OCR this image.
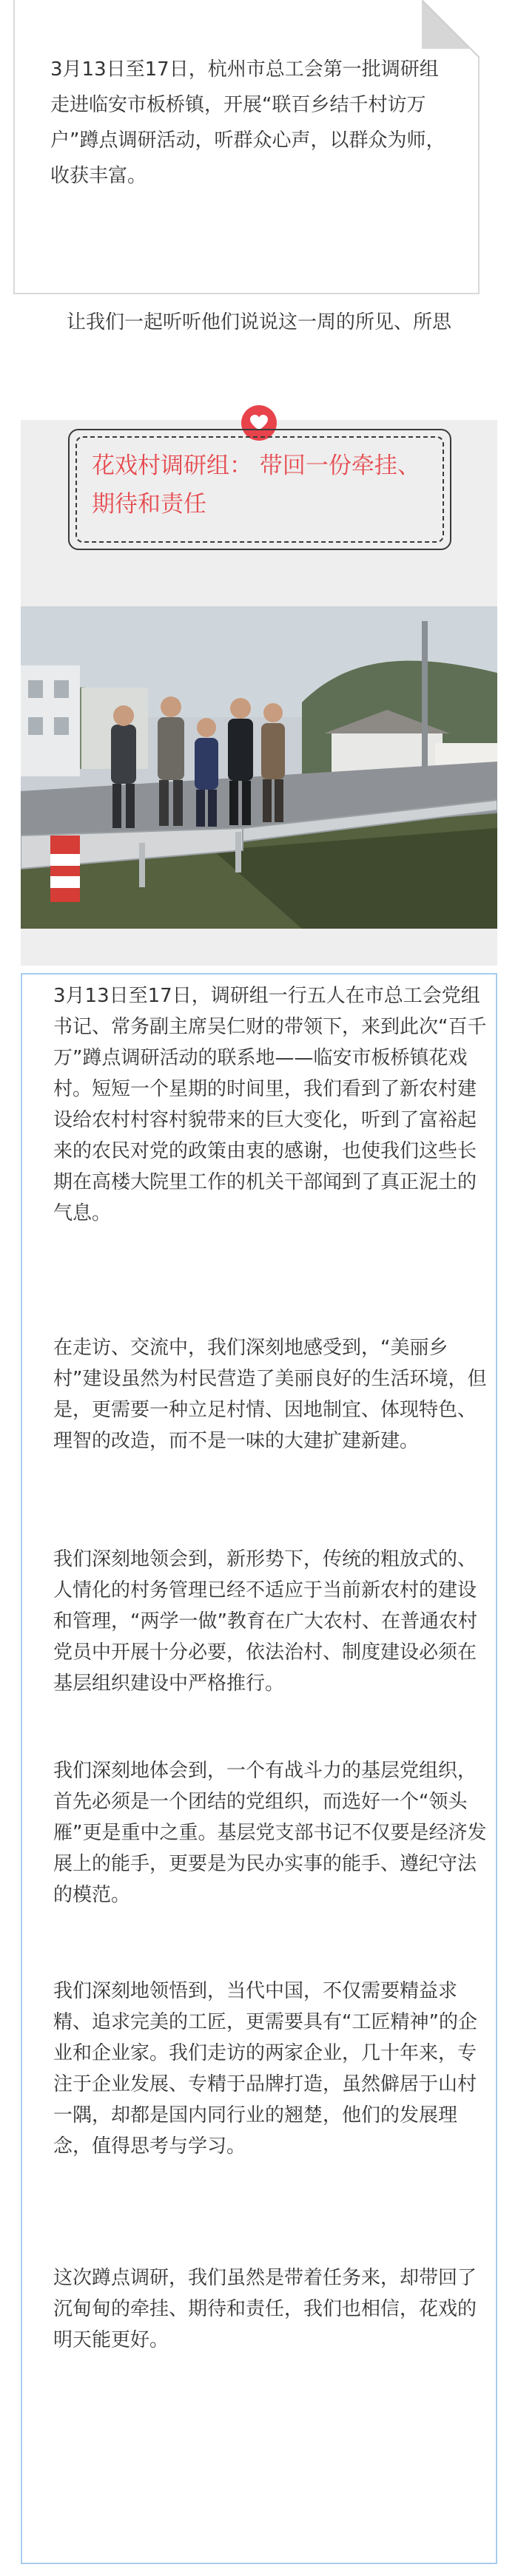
3月13日至17日，杭州市总工会第一批调研组走进临安市板桥镇，开展“联百乡结千村访万户”蹲点调研活动，听群众心声，以群众为师，收获丰富。

让我们一起听听他们说说这一周的所见、所思

花戏村调研组： 带回一份牵挂、期待和责任

3月13日至17日，调研组一行五人在市总工会党组书记、常务副主席吴仁财的带领下，来到此次“百千万”蹲点调研活动的联系地——临安市板桥镇花戏村。短短一个星期的时间里，我们看到了新农村建设给农村村容村貌带来的巨大变化，听到了富裕起来的农民对党的政策由衷的感谢，也使我们这些长期在高楼大院里工作的机关干部闻到了真正泥土的气息。

在走访、交流中，我们深刻地感受到，“美丽乡村”建设虽然为村民营造了美丽良好的生活环境，但是，更需要一种立足村情、因地制宜、体现特色、理智的改造，而不是一味的大建扩建新建。

我们深刻地领会到，新形势下，传统的粗放式的、人情化的村务管理已经不适应于当前新农村的建设和管理，“两学一做”教育在广大农村、在普通农村党员中开展十分必要，依法治村、制度建设必须在基层组织建设中严格推行。

我们深刻地体会到，一个有战斗力的基层党组织，首先必须是一个团结的党组织，而选好一个“领头雁”更是重中之重。基层党支部书记不仅要是经济发展上的能手，更要是为民办实事的能手、遵纪守法的模范。

我们深刻地领悟到，当代中国，不仅需要精益求精、追求完美的工匠，更需要具有“工匠精神”的企业和企业家。我们走访的两家企业，几十年来，专注于企业发展、专精于品牌打造，虽然僻居于山村一隅，却都是国内同行业的翘楚，他们的发展理念，值得思考与学习。

这次蹲点调研，我们虽然是带着任务来，却带回了沉甸甸的牵挂、期待和责任，我们也相信，花戏的明天能更好。
